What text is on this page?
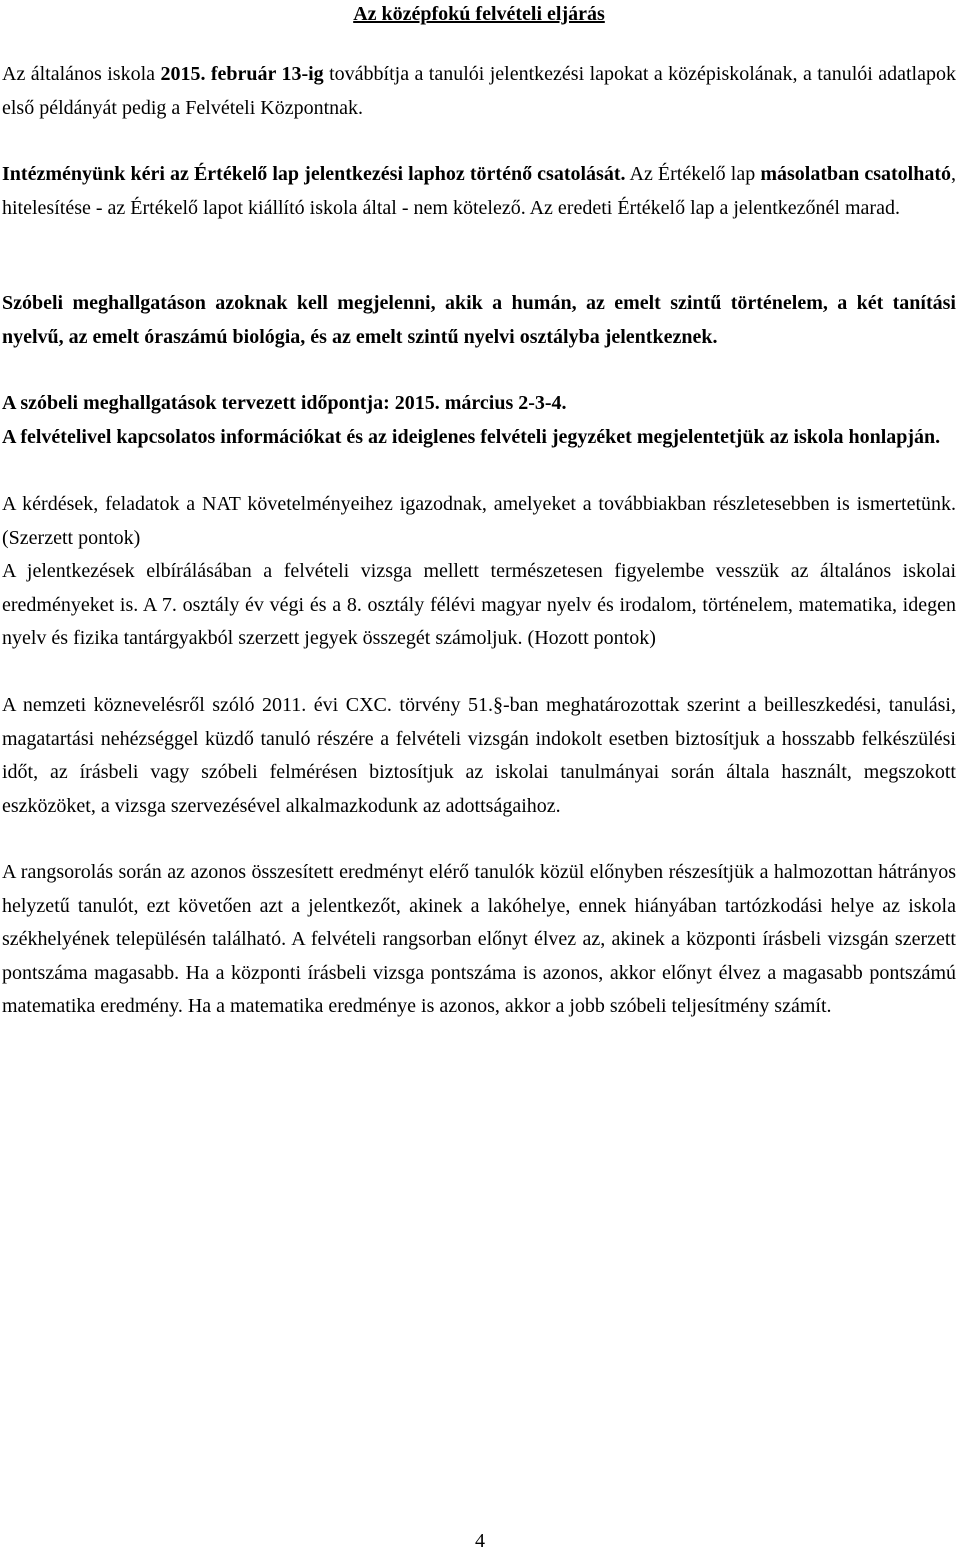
Az középfokú felvételi eljárás
Az általános iskola 2015. február 13-ig továbbítja a tanulói jelentkezési lapokat a középiskolának, a tanulói adatlapok első példányát pedig a Felvételi Központnak.
Intézményünk kéri az Értékelő lap jelentkezési laphoz történő csatolását. Az Értékelő lap másolatban csatolható, hitelesítése - az Értékelő lapot kiállító iskola által - nem kötelező. Az eredeti Értékelő lap a jelentkezőnél marad.
Szóbeli meghallgatáson azoknak kell megjelenni, akik a humán, az emelt szintű történelem, a két tanítási nyelvű, az emelt óraszámú biológia, és az emelt szintű nyelvi osztályba jelentkeznek.
A szóbeli meghallgatások tervezett időpontja: 2015. március 2-3-4.
A felvételivel kapcsolatos információkat és az ideiglenes felvételi jegyzéket megjelentetjük az iskola honlapján.
A kérdések, feladatok a NAT követelményeihez igazodnak, amelyeket a továbbiakban részletesebben is ismertetünk. (Szerzett pontok)
A jelentkezések elbírálásában a felvételi vizsga mellett természetesen figyelembe vesszük az általános iskolai eredményeket is. A 7. osztály év végi és a 8. osztály félévi magyar nyelv és irodalom, történelem, matematika, idegen nyelv és fizika tantárgyakból szerzett jegyek összegét számoljuk. (Hozott pontok)
A nemzeti köznevelésről szóló 2011. évi CXC. törvény 51.§-ban meghatározottak szerint a beilleszkedési, tanulási, magatartási nehézséggel küzdő tanuló részére a felvételi vizsgán indokolt esetben biztosítjuk a hosszabb felkészülési időt, az írásbeli vagy szóbeli felmérésen biztosítjuk az iskolai tanulmányai során általa használt, megszokott eszközöket, a vizsga szervezésével alkalmazkodunk az adottságaihoz.
A rangsorolás során az azonos összesített eredményt elérő tanulók közül előnyben részesítjük a halmozottan hátrányos helyzetű tanulót, ezt követően azt a jelentkezőt, akinek a lakóhelye, ennek hiányában tartózkodási helye az iskola székhelyének településén található. A felvételi rangsorban előnyt élvez az, akinek a központi írásbeli vizsgán szerzett pontszáma magasabb. Ha a központi írásbeli vizsga pontszáma is azonos, akkor előnyt élvez a magasabb pontszámú matematika eredmény. Ha a matematika eredménye is azonos, akkor a jobb szóbeli teljesítmény számít.
4
